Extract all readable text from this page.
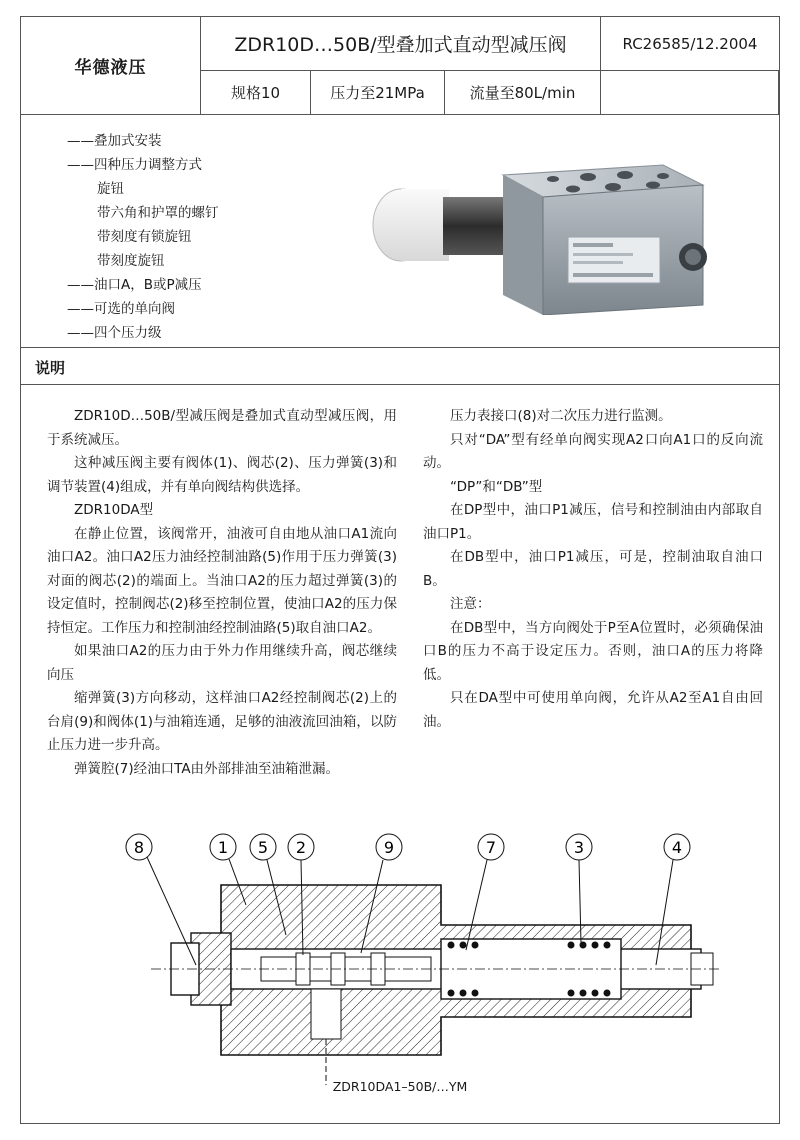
华德液压
ZDR10D…50B/型叠加式直动型减压阀	RC26585/12.2004
规格10	压力至21MPa	流量至80L/min
——叠加式安装
——四种压力调整方式
旋钮
带六角和护罩的螺钉
带刻度有锁旋钮
带刻度旋钮
——油口A，B或P减压
——可选的单向阀
——四个压力级
说明

ZDR10D…50B/型减压阀是叠加式直动型减压阀，用于系统减压。

这种减压阀主要有阀体(1)、阀芯(2)、压力弹簧(3)和调节装置(4)组成，并有单向阀结构供选择。

ZDR10DA型

在静止位置，该阀常开，油液可自由地从油口A1流向油口A2。油口A2压力油经控制油路(5)作用于压力弹簧(3)对面的阀芯(2)的端面上。当油口A2的压力超过弹簧(3)的设定值时，控制阀芯(2)移至控制位置，使油口A2的压力保持恒定。工作压力和控制油经控制油路(5)取自油口A2。

如果油口A2的压力由于外力作用继续升高，阀芯继续向压

缩弹簧(3)方向移动，这样油口A2经控制阀芯(2)上的台肩(9)和阀体(1)与油箱连通，足够的油液流回油箱，以防止压力进一步升高。

弹簧腔(7)经油口TA由外部排油至油箱泄漏。

压力表接口(8)对二次压力进行监测。

只对“DA”型有经单向阀实现A2口向A1口的反向流动。

“DP”和“DB”型

在DP型中，油口P1减压，信号和控制油由内部取自油口P1。

在DB型中，油口P1减压，可是，控制油取自油口B。

注意：

在DB型中，当方向阀处于P至A位置时，必须确保油口B的压力不高于设定压力。否则，油口A的压力将降低。

只在DA型中可使用单向阀，允许从A2至A1自由回油。

8	1 5 2	9	7	3	4
ZDR10DA1–50B/…YM
